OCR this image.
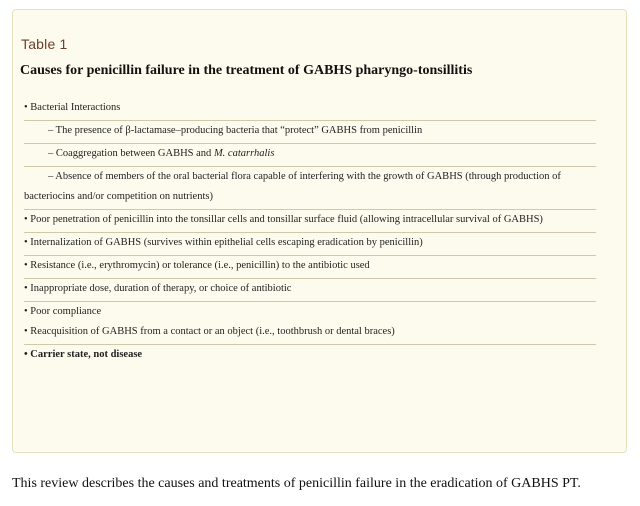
Table 1
Causes for penicillin failure in the treatment of GABHS pharyngo-tonsillitis
• Bacterial Interactions
– The presence of β-lactamase–producing bacteria that “protect” GABHS from penicillin
– Coaggregation between GABHS and M. catarrhalis
– Absence of members of the oral bacterial flora capable of interfering with the growth of GABHS (through production of bacteriocins and/or competition on nutrients)
• Poor penetration of penicillin into the tonsillar cells and tonsillar surface fluid (allowing intracellular survival of GABHS)
• Internalization of GABHS (survives within epithelial cells escaping eradication by penicillin)
• Resistance (i.e., erythromycin) or tolerance (i.e., penicillin) to the antibiotic used
• Inappropriate dose, duration of therapy, or choice of antibiotic
• Poor compliance
• Reacquisition of GABHS from a contact or an object (i.e., toothbrush or dental braces)
• Carrier state, not disease
This review describes the causes and treatments of penicillin failure in the eradication of GABHS PT.
